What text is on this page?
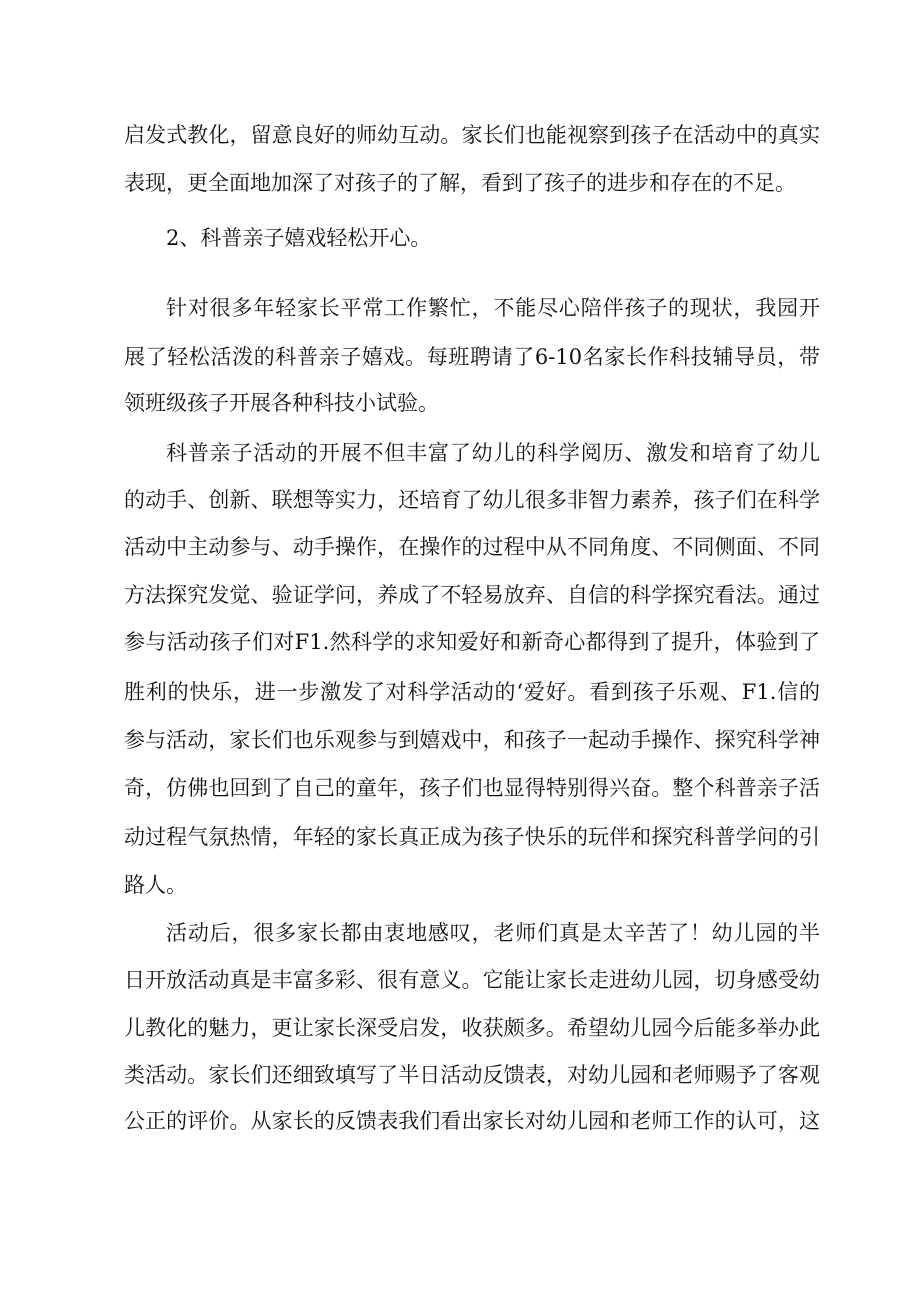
启发式教化，留意良好的师幼互动。家长们也能视察到孩子在活动中的真实
表现，更全面地加深了对孩子的了解，看到了孩子的进步和存在的不足。
2、科普亲子嬉戏轻松开心。
针对很多年轻家长平常工作繁忙，不能尽心陪伴孩子的现状，我园开
展了轻松活泼的科普亲子嬉戏。每班聘请了6-10名家长作科技辅导员，带
领班级孩子开展各种科技小试验。
科普亲子活动的开展不但丰富了幼儿的科学阅历、激发和培育了幼儿
的动手、创新、联想等实力，还培育了幼儿很多非智力素养，孩子们在科学
活动中主动参与、动手操作，在操作的过程中从不同角度、不同侧面、不同
方法探究发觉、验证学问，养成了不轻易放弃、自信的科学探究看法。通过
参与活动孩子们对F1.然科学的求知爱好和新奇心都得到了提升，体验到了
胜利的快乐，进一步激发了对科学活动的‘爱好。看到孩子乐观、F1.信的
参与活动，家长们也乐观参与到嬉戏中，和孩子一起动手操作、探究科学神
奇，仿佛也回到了自己的童年，孩子们也显得特别得兴奋。整个科普亲子活
动过程气氛热情，年轻的家长真正成为孩子快乐的玩伴和探究科普学问的引
路人。
活动后，很多家长都由衷地感叹，老师们真是太辛苦了！幼儿园的半
日开放活动真是丰富多彩、很有意义。它能让家长走进幼儿园，切身感受幼
儿教化的魅力，更让家长深受启发，收获颇多。希望幼儿园今后能多举办此
类活动。家长们还细致填写了半日活动反馈表，对幼儿园和老师赐予了客观
公正的评价。从家长的反馈表我们看出家长对幼儿园和老师工作的认可，这
